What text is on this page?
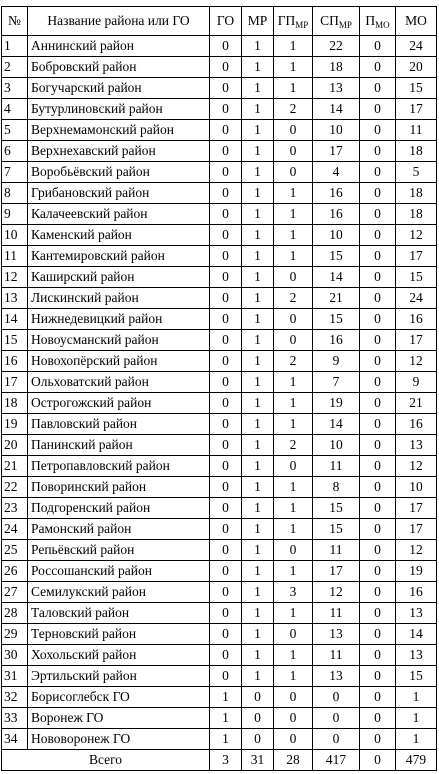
№	Название района или ГО	ГО	МР	$ГП_{МР}$	$СП_{МР}$	$П_{МО}$	МО
1	Аннинский район	0	1	1	22	0	24
2	Бобровский район	0	1	1	18	0	20
3	Богучарский район	0	1	1	13	0	15
4	Бутурлиновский район	0	1	2	14	0	17
5	Верхнемамонский район	0	1	0	10	0	11
6	Верхнехавский район	0	1	0	17	0	18
7	Воробьёвский район	0	1	0	4	0	5
8	Грибановский район	0	1	1	16	0	18
9	Калачеевский район	0	1	1	16	0	18
10	Каменский район	0	1	1	10	0	12
11	Кантемировский район	0	1	1	15	0	17
12	Каширский район	0	1	0	14	0	15
13	Лискинский район	0	1	2	21	0	24
14	Нижнедевицкий район	0	1	0	15	0	16
15	Новоусманский район	0	1	0	16	0	17
16	Новохопёрский район	0	1	2	9	0	12
17	Ольховатский район	0	1	1	7	0	9
18	Острогожский район	0	1	1	19	0	21
19	Павловский район	0	1	1	14	0	16
20	Панинский район	0	1	2	10	0	13
21	Петропавловский район	0	1	0	11	0	12
22	Поворинский район	0	1	1	8	0	10
23	Подгоренский район	0	1	1	15	0	17
24	Рамонский район	0	1	1	15	0	17
25	Репьёвский район	0	1	0	11	0	12
26	Россошанский район	0	1	1	17	0	19
27	Семилукский район	0	1	3	12	0	16
28	Таловский район	0	1	1	11	0	13
29	Терновский район	0	1	0	13	0	14
30	Хохольский район	0	1	1	11	0	13
31	Эртильский район	0	1	1	13	0	15
32	Борисоглебск ГО	1	0	0	0	0	1
33	Воронеж ГО	1	0	0	0	0	1
34	Нововоронеж ГО	1	0	0	0	0	1
Всего		3	31	28	417	0	479
